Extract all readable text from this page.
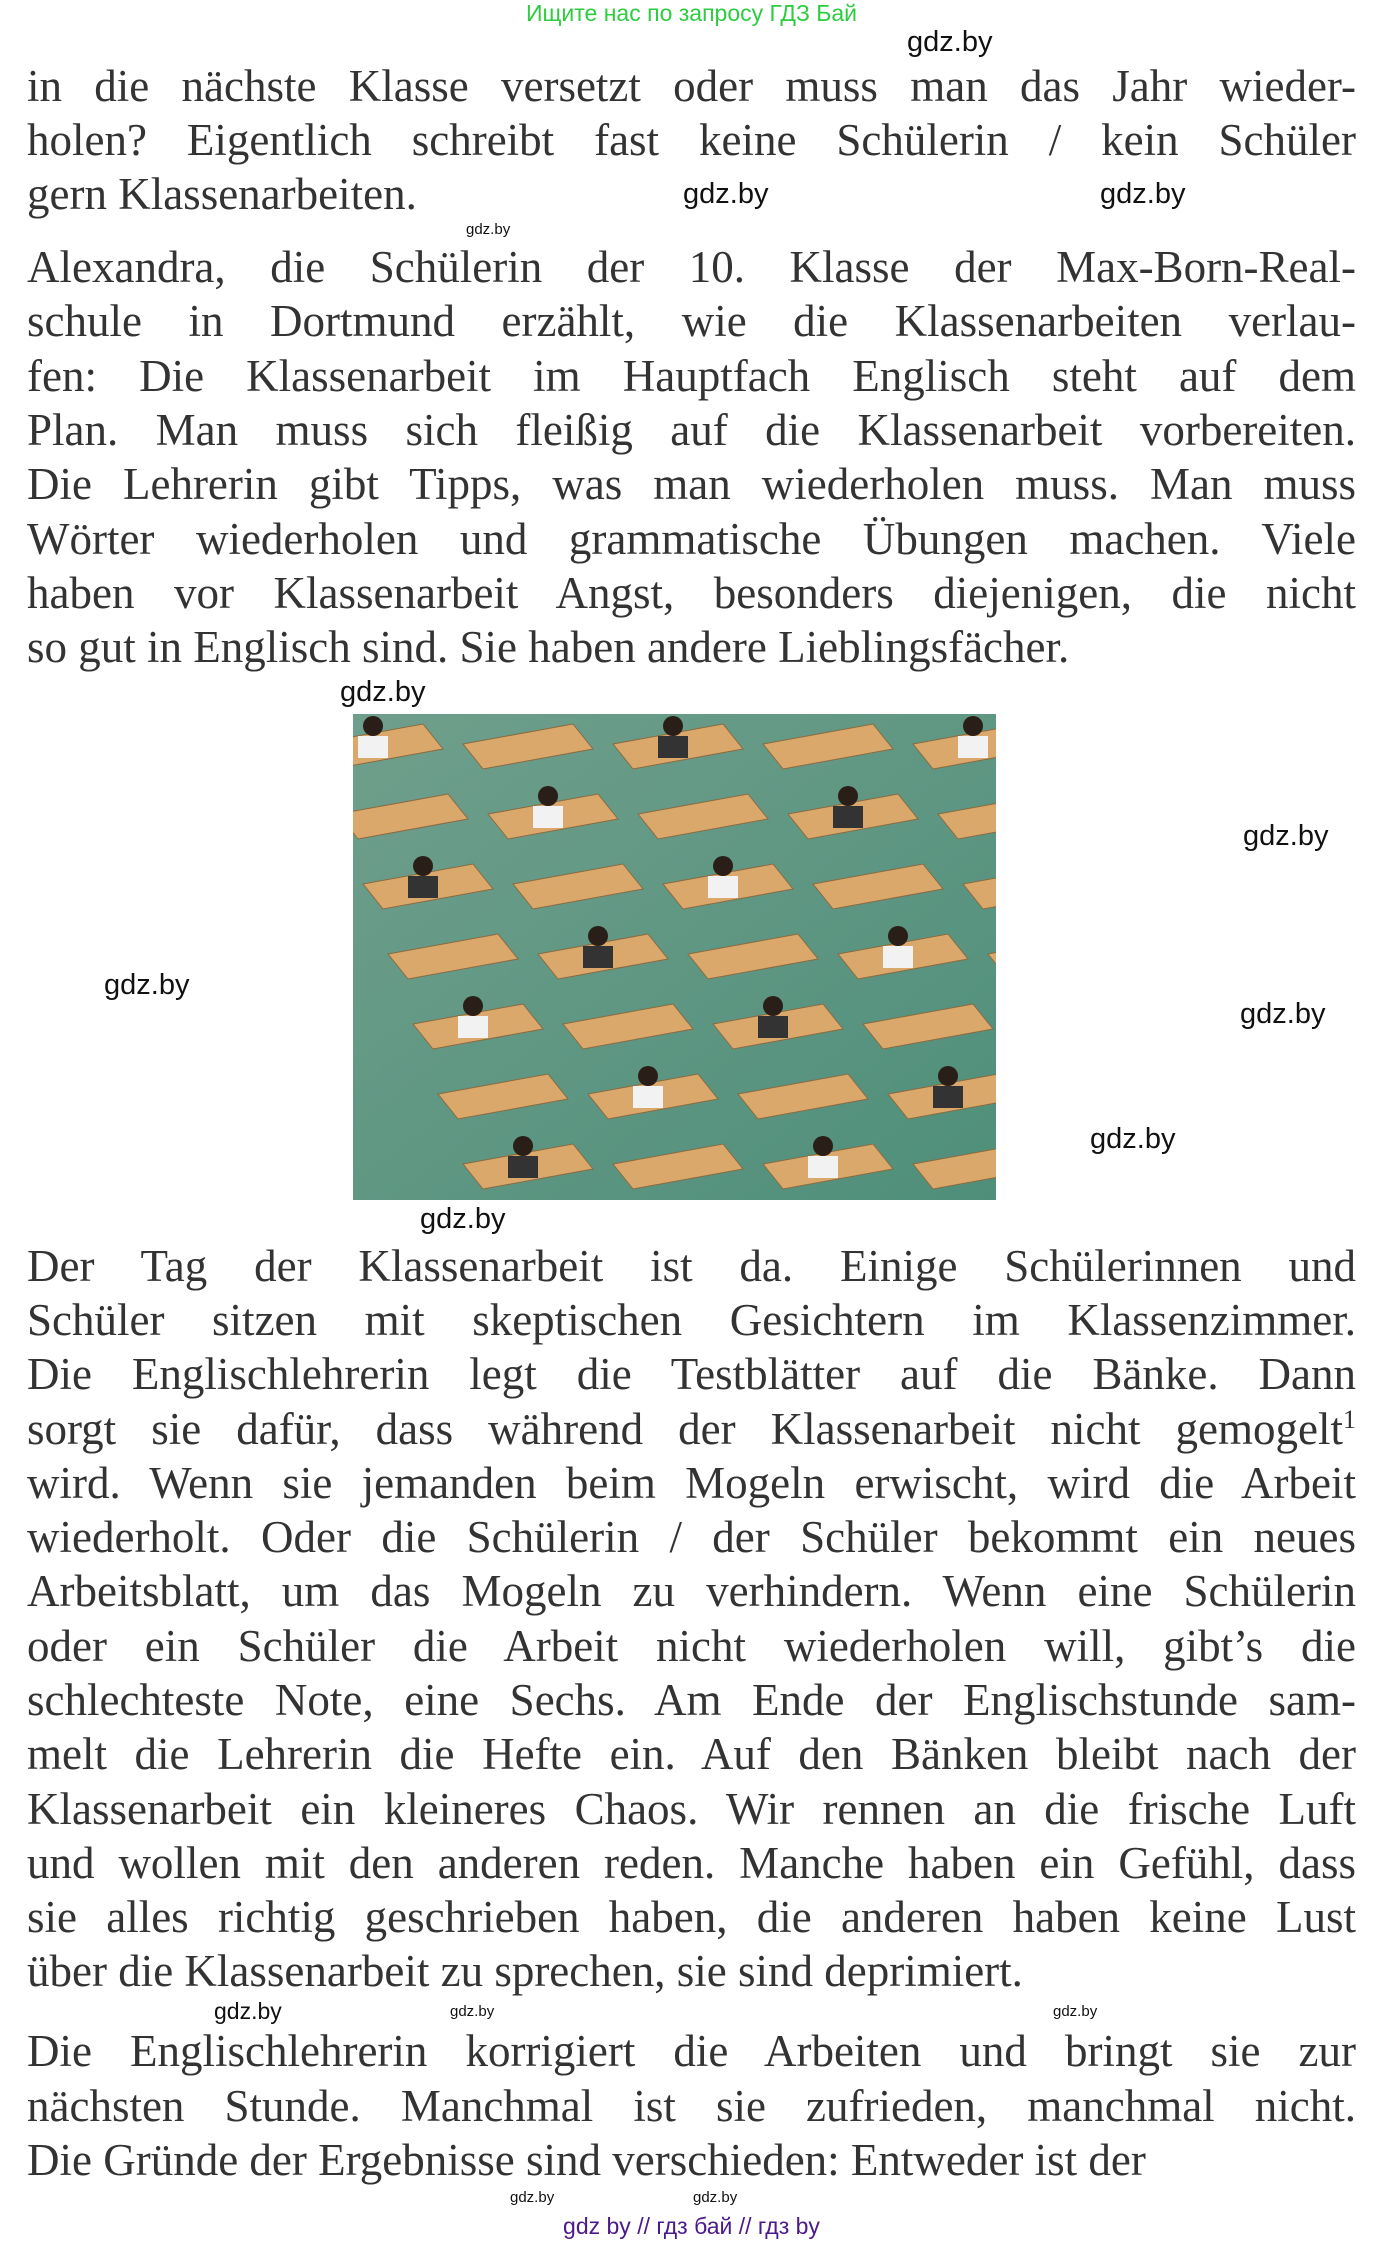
Ищите нас по запросу ГДЗ Бай
in die nächste Klasse versetzt oder muss man das Jahr wieder-
holen? Eigentlich schreibt fast keine Schülerin / kein Schüler
gern Klassenarbeiten.
Alexandra, die Schülerin der 10. Klasse der Max-Born-Real-
schule in Dortmund erzählt, wie die Klassenarbeiten verlau-
fen: Die Klassenarbeit im Hauptfach Englisch steht auf dem
Plan. Man muss sich fleißig auf die Klassenarbeit vorbereiten.
Die Lehrerin gibt Tipps, was man wiederholen muss. Man muss
Wörter wiederholen und grammatische Übungen machen. Viele
haben vor Klassenarbeit Angst, besonders diejenigen, die nicht
so gut in Englisch sind. Sie haben andere Lieblingsfächer.
Der Tag der Klassenarbeit ist da. Einige Schülerinnen und
Schüler sitzen mit skeptischen Gesichtern im Klassenzimmer.
Die Englischlehrerin legt die Testblätter auf die Bänke. Dann
sorgt sie dafür, dass während der Klassenarbeit nicht gemogelt$^1$
wird. Wenn sie jemanden beim Mogeln erwischt, wird die Arbeit
wiederholt. Oder die Schülerin / der Schüler bekommt ein neues
Arbeitsblatt, um das Mogeln zu verhindern. Wenn eine Schülerin
oder ein Schüler die Arbeit nicht wiederholen will, gibt’s die
schlechteste Note, eine Sechs. Am Ende der Englischstunde sam-
melt die Lehrerin die Hefte ein. Auf den Bänken bleibt nach der
Klassenarbeit ein kleineres Chaos. Wir rennen an die frische Luft
und wollen mit den anderen reden. Manche haben ein Gefühl, dass
sie alles richtig geschrieben haben, die anderen haben keine Lust
über die Klassenarbeit zu sprechen, sie sind deprimiert.
Die Englischlehrerin korrigiert die Arbeiten und bringt sie zur
nächsten Stunde. Manchmal ist sie zufrieden, manchmal nicht.
Die Gründe der Ergebnisse sind verschieden: Entweder ist der
gdz.by
gdz.by	gdz.by
gdz.by
gdz.by
gdz.by
gdz.by
gdz.by
gdz.by
gdz.by
gdz.by
gdz.by
gdz.by
gdz.by
gdz.by
gdz by // гдз бай // гдз by
